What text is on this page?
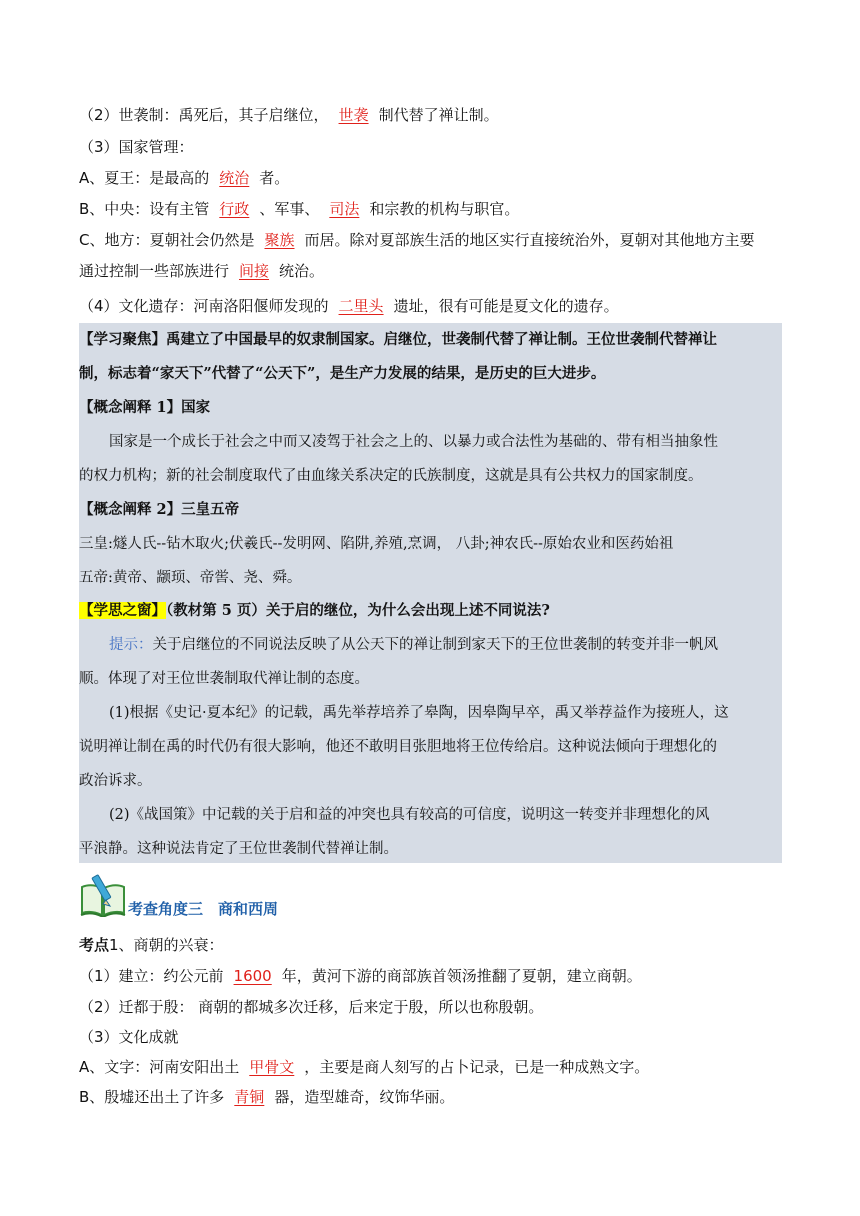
（2）世袭制：禹死后，其子启继位， 世袭 制代替了禅让制。
（3）国家管理：
A、夏王：是最高的 统治 者。
B、中央：设有主管 行政 、军事、 司法 和宗教的机构与职官。
C、地方：夏朝社会仍然是 聚族 而居。除对夏部族生活的地区实行直接统治外，夏朝对其他地方主要
通过控制一些部族进行 间接 统治。
（4）文化遗存：河南洛阳偃师发现的 二里头 遗址，很有可能是夏文化的遗存。
【学习聚焦】禹建立了中国最早的奴隶制国家。启继位，世袭制代替了禅让制。王位世袭制代替禅让
制，标志着“家天下”代替了“公天下”，是生产力发展的结果，是历史的巨大进步。
【概念阐释 1】国家
国家是一个成长于社会之中而又凌驾于社会之上的、以暴力或合法性为基础的、带有相当抽象性
的权力机构；新的社会制度取代了由血缘关系决定的氏族制度，这就是具有公共权力的国家制度。
【概念阐释 2】三皇五帝
三皇:燧人氏--钻木取火;伏羲氏--发明网、陷阱,养殖,烹调， 八卦;神农氏--原始农业和医药始祖
五帝:黄帝、颛顼、帝喾、尧、舜。
【学思之窗】（教材第 5 页）关于启的继位，为什么会出现上述不同说法?
提示：关于启继位的不同说法反映了从公天下的禅让制到家天下的王位世袭制的转变并非一帆风
顺。体现了对王位世袭制取代禅让制的态度。
(1)根据《史记·夏本纪》的记载，禹先举荐培养了皋陶，因皋陶早卒，禹又举荐益作为接班人，这
说明禅让制在禹的时代仍有很大影响，他还不敢明目张胆地将王位传给启。这种说法倾向于理想化的
政治诉求。
(2)《战国策》中记载的关于启和益的冲突也具有较高的可信度，说明这一转变并非理想化的风
平浪静。这种说法肯定了王位世袭制代替禅让制。
考查角度三　商和西周
考点1、商朝的兴衰：
（1）建立：约公元前 1600 年，黄河下游的商部族首领汤推翻了夏朝，建立商朝。
（2）迁都于殷： 商朝的都城多次迁移，后来定于殷，所以也称殷朝。
（3）文化成就
A、文字：河南安阳出土 甲骨文 ，主要是商人刻写的占卜记录，已是一种成熟文字。
B、殷墟还出土了许多 青铜 器，造型雄奇，纹饰华丽。
